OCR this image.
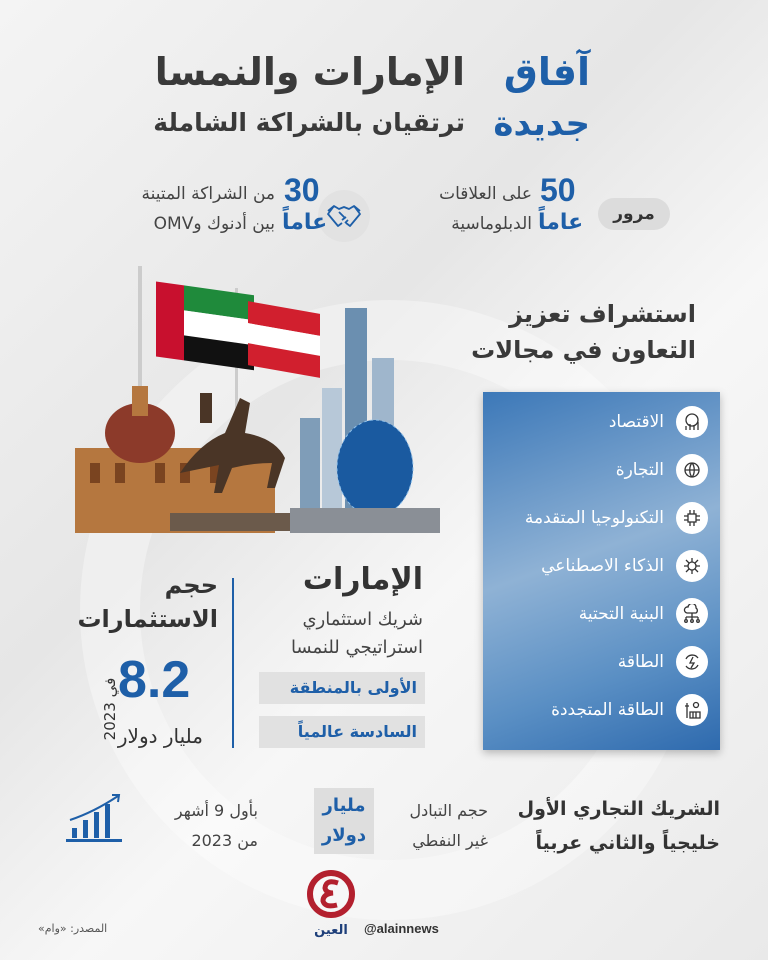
آفاق
جديدة
الإمارات والنمسا
ترتقيان بالشراكة الشاملة
مرور
50
عاماً
على العلاقات
الدبلوماسية
30
عاماً
من الشراكة المتينة
بين أدنوك وOMV
استشراف تعزيز
التعاون في مجالات
الاقتصاد
التجارة
التكنولوجيا المتقدمة
الذكاء الاصطناعي
البنية التحتية
الطاقة
الطاقة المتجددة
الإمارات
شريك استثماري
استراتيجي للنمسا
الأولى بالمنطقة
السادسة عالمياً
حجم
الاستثمارات
8.2
في 2023
مليار دولار
الشريك التجاري الأول
خليجياً والثاني عربياً
حجم التبادل
غير النفطي
مليار
دولار
بأول 9 أشهر
من 2023
العين @alainnews
المصدر: «وام»
